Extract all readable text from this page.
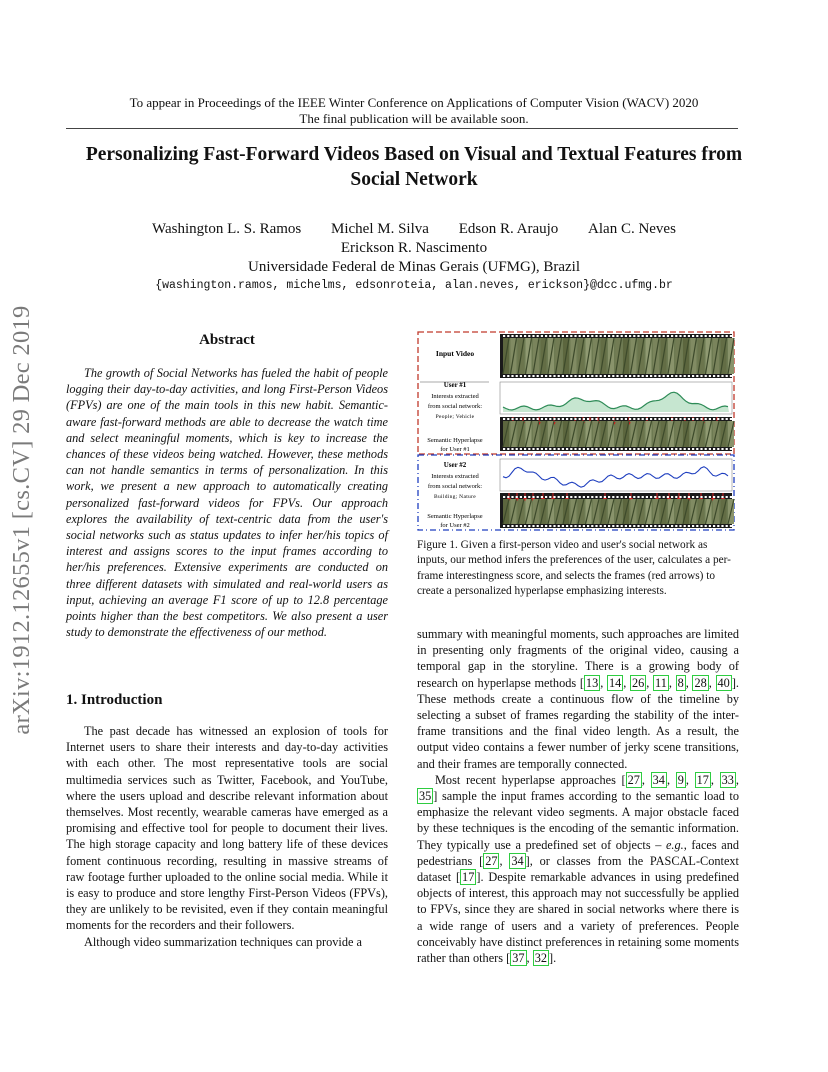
arXiv:1912.12655v1 [cs.CV] 29 Dec 2019
To appear in Proceedings of the IEEE Winter Conference on Applications of Computer Vision (WACV) 2020
The final publication will be available soon.
Personalizing Fast-Forward Videos Based on Visual and Textual Features from Social Network
Washington L. S. Ramos Michel M. Silva Edson R. Araujo Alan C. Neves
Erickson R. Nascimento
Universidade Federal de Minas Gerais (UFMG), Brazil
{washington.ramos, michelms, edsonroteia, alan.neves, erickson}@dcc.ufmg.br
Abstract
The growth of Social Networks has fueled the habit of people logging their day-to-day activities, and long First-Person Videos (FPVs) are one of the main tools in this new habit. Semantic-aware fast-forward methods are able to decrease the watch time and select meaningful moments, which is key to increase the chances of these videos being watched. However, these methods can not handle semantics in terms of personalization. In this work, we present a new approach to automatically creating personalized fast-forward videos for FPVs. Our approach explores the availability of text-centric data from the user's social networks such as status updates to infer her/his topics of interest and assigns scores to the input frames according to her/his preferences. Extensive experiments are conducted on three different datasets with simulated and real-world users as input, achieving an average F1 score of up to 12.8 percentage points higher than the best competitors. We also present a user study to demonstrate the effectiveness of our method.
1. Introduction

The past decade has witnessed an explosion of tools for Internet users to share their interests and day-to-day activities with each other. The most representative tools are social multimedia services such as Twitter, Facebook, and YouTube, where the users upload and describe relevant information about themselves. Most recently, wearable cameras have emerged as a promising and effective tool for people to document their lives. The high storage capacity and long battery life of these devices foment continuous recording, resulting in massive streams of raw footage further uploaded to the online social media. While it is easy to produce and store lengthy First-Person Videos (FPVs), they are unlikely to be revisited, even if they contain meaningful moments for the recorders and their followers.

Although video summarization techniques can provide a

Input Video
User #1
Interests extracted
from social network:
People; Vehicle
Semantic Hyperlapse
for User #1
User #2
Interests extracted
from social network:
Building; Nature
Semantic Hyperlapse
for User #2
Figure 1. Given a first-person video and user's social network as inputs, our method infers the preferences of the user, calculates a per-frame interestingness score, and selects the frames (red arrows) to create a personalized hyperlapse emphasizing interests.

summary with meaningful moments, such approaches are limited in presenting only fragments of the original video, causing a temporal gap in the storyline. There is a growing body of research on hyperlapse methods [ 13 , 14 , 26 , 11 , 8 , 28 , 40 ]. These methods create a continuous flow of the timeline by selecting a subset of frames regarding the stability of the inter-frame transitions and the final video length. As a result, the output video contains a fewer number of jerky scene transitions, and their frames are temporally connected.

Most recent hyperlapse approaches [ 27 , 34 , 9 , 17 , 33 , 35 ] sample the input frames according to the semantic load to emphasize the relevant video segments. A major obstacle faced by these techniques is the encoding of the semantic information. They typically use a predefined set of objects – e.g., faces and pedestrians [ 27 , 34 ], or classes from the PASCAL-Context dataset [ 17 ]. Despite remarkable advances in using predefined objects of interest, this approach may not successfully be applied to FPVs, since they are shared in social networks where there is a wide range of users and a variety of preferences. People conceivably have distinct preferences in retaining some moments rather than others [ 37 , 32 ].
